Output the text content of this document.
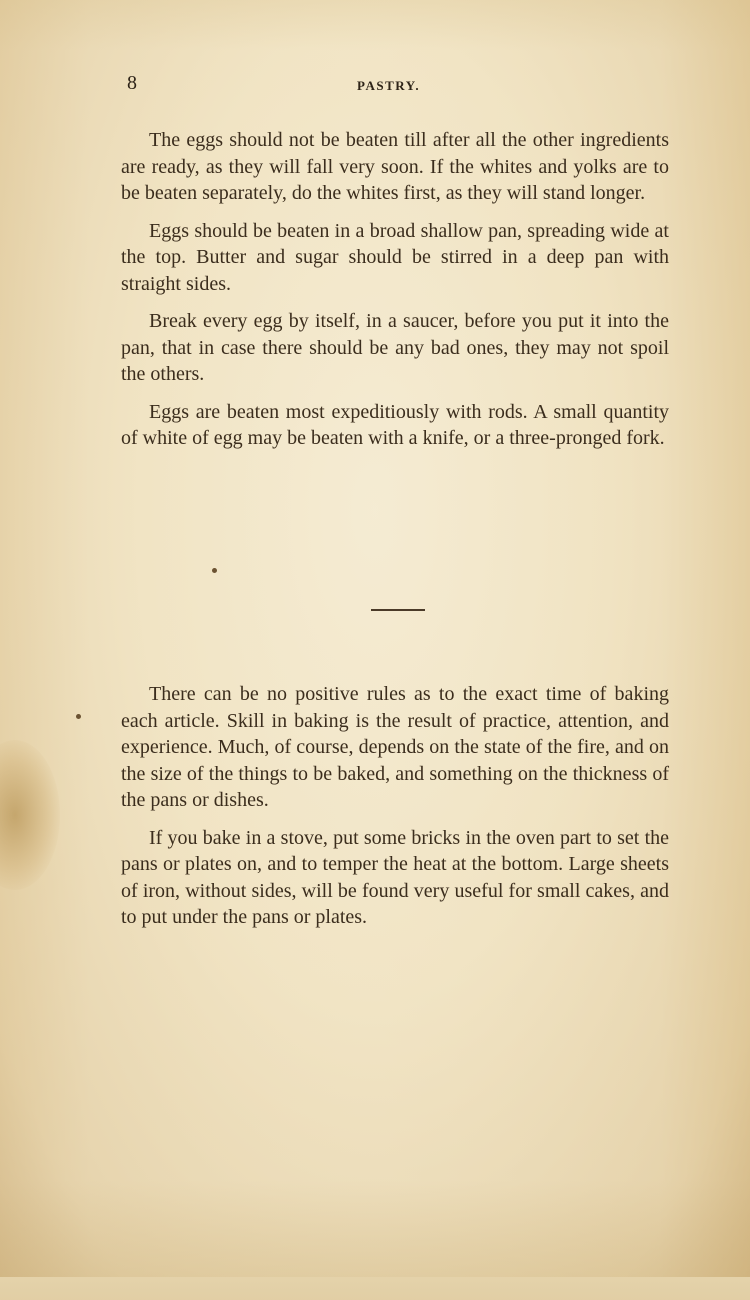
8	PASTRY.

The eggs should not be beaten till after all the other ingredients are ready, as they will fall very soon. If the whites and yolks are to be beaten separately, do the whites first, as they will stand longer.

Eggs should be beaten in a broad shallow pan, spreading wide at the top. Butter and sugar should be stirred in a deep pan with straight sides.

Break every egg by itself, in a saucer, before you put it into the pan, that in case there should be any bad ones, they may not spoil the others.

Eggs are beaten most expeditiously with rods. A small quantity of white of egg may be beaten with a knife, or a three-pronged fork.

There can be no positive rules as to the exact time of baking each article. Skill in baking is the result of practice, attention, and experience. Much, of course, depends on the state of the fire, and on the size of the things to be baked, and something on the thickness of the pans or dishes.

If you bake in a stove, put some bricks in the oven part to set the pans or plates on, and to temper the heat at the bottom. Large sheets of iron, without sides, will be found very useful for small cakes, and to put under the pans or plates.
